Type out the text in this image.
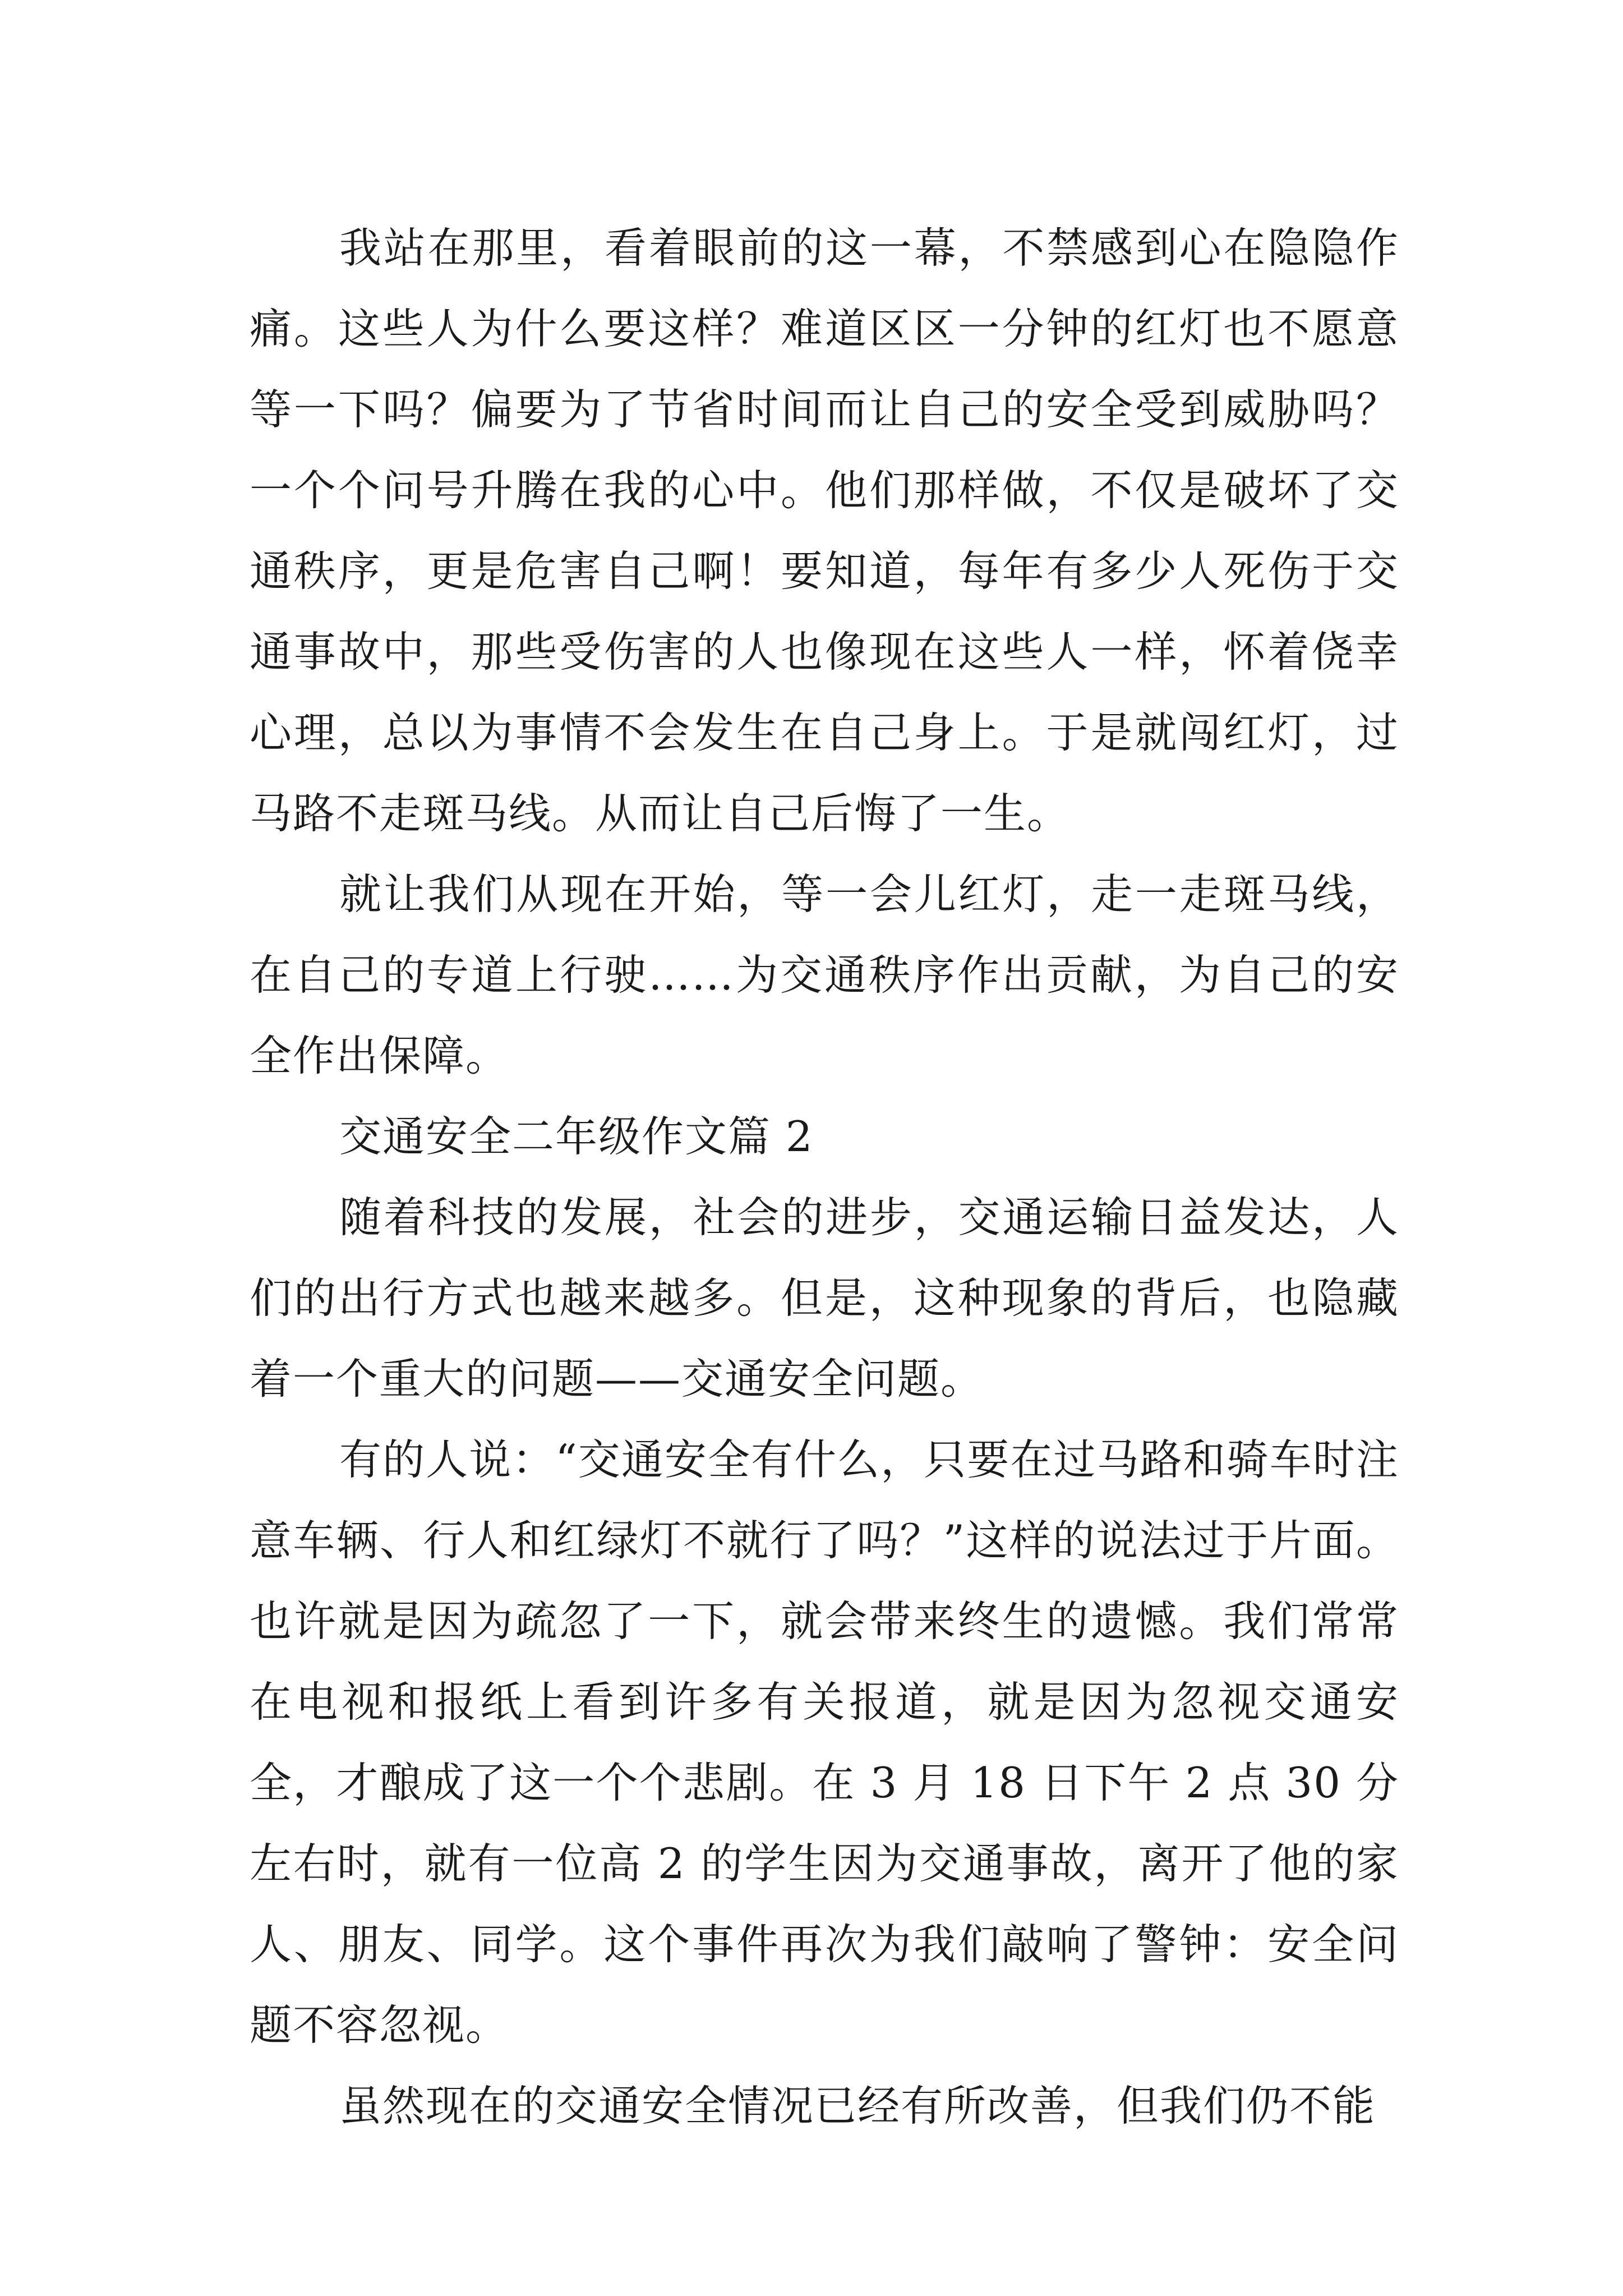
我站在那里，看着眼前的这一幕，不禁感到心在隐隐作痛。这些人为什么要这样？难道区区一分钟的红灯也不愿意等一下吗？偏要为了节省时间而让自己的安全受到威胁吗？一个个问号升腾在我的心中。他们那样做，不仅是破坏了交通秩序，更是危害自己啊！要知道，每年有多少人死伤于交通事故中，那些受伤害的人也像现在这些人一样，怀着侥幸心理，总以为事情不会发生在自己身上。于是就闯红灯，过马路不走斑马线。从而让自己后悔了一生。

就让我们从现在开始，等一会儿红灯，走一走斑马线，在自己的专道上行驶……为交通秩序作出贡献，为自己的安全作出保障。

交通安全二年级作文篇 2

随着科技的发展，社会的进步，交通运输日益发达，人们的出行方式也越来越多。但是，这种现象的背后，也隐藏着一个重大的问题——交通安全问题。

有的人说：“交通安全有什么，只要在过马路和骑车时注意车辆、行人和红绿灯不就行了吗？”这样的说法过于片面。也许就是因为疏忽了一下，就会带来终生的遗憾。我们常常在电视和报纸上看到许多有关报道，就是因为忽视交通安全，才酿成了这一个个悲剧。在 3 月 18 日下午 2 点 30 分左右时，就有一位高 2 的学生因为交通事故，离开了他的家人、朋友、同学。这个事件再次为我们敲响了警钟：安全问题不容忽视。

虽然现在的交通安全情况已经有所改善，但我们仍不能
